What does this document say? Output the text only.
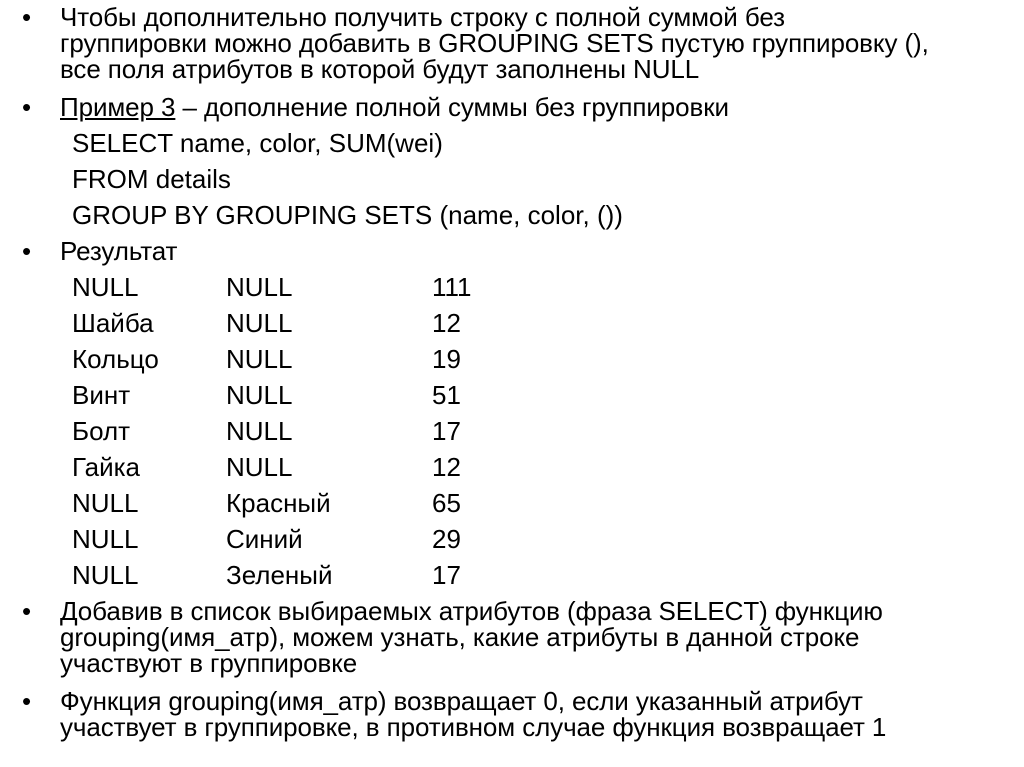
• Чтобы дополнительно получить строку с полной суммой без
группировки можно добавить в GROUPING SETS пустую группировку (),
все поля атрибутов в которой будут заполнены NULL
• Пример 3 – дополнение полной суммы без группировки
SELECT name, color, SUM(wei)
FROM details
GROUP BY GROUPING SETS (name, color, ())
• Результат
NULL	NULL	111
Шайба	NULL	12
Кольцо	NULL	19
Винт	NULL	51
Болт	NULL	17
Гайка	NULL	12
NULL	Красный	65
NULL	Синий	29
NULL	Зеленый	17
• Добавив в список выбираемых атрибутов (фраза SELECT) функцию
grouping(имя_атр), можем узнать, какие атрибуты в данной строке
участвуют в группировке
• Функция grouping(имя_атр) возвращает 0, если указанный атрибут
участвует в группировке, в противном случае функция возвращает 1
